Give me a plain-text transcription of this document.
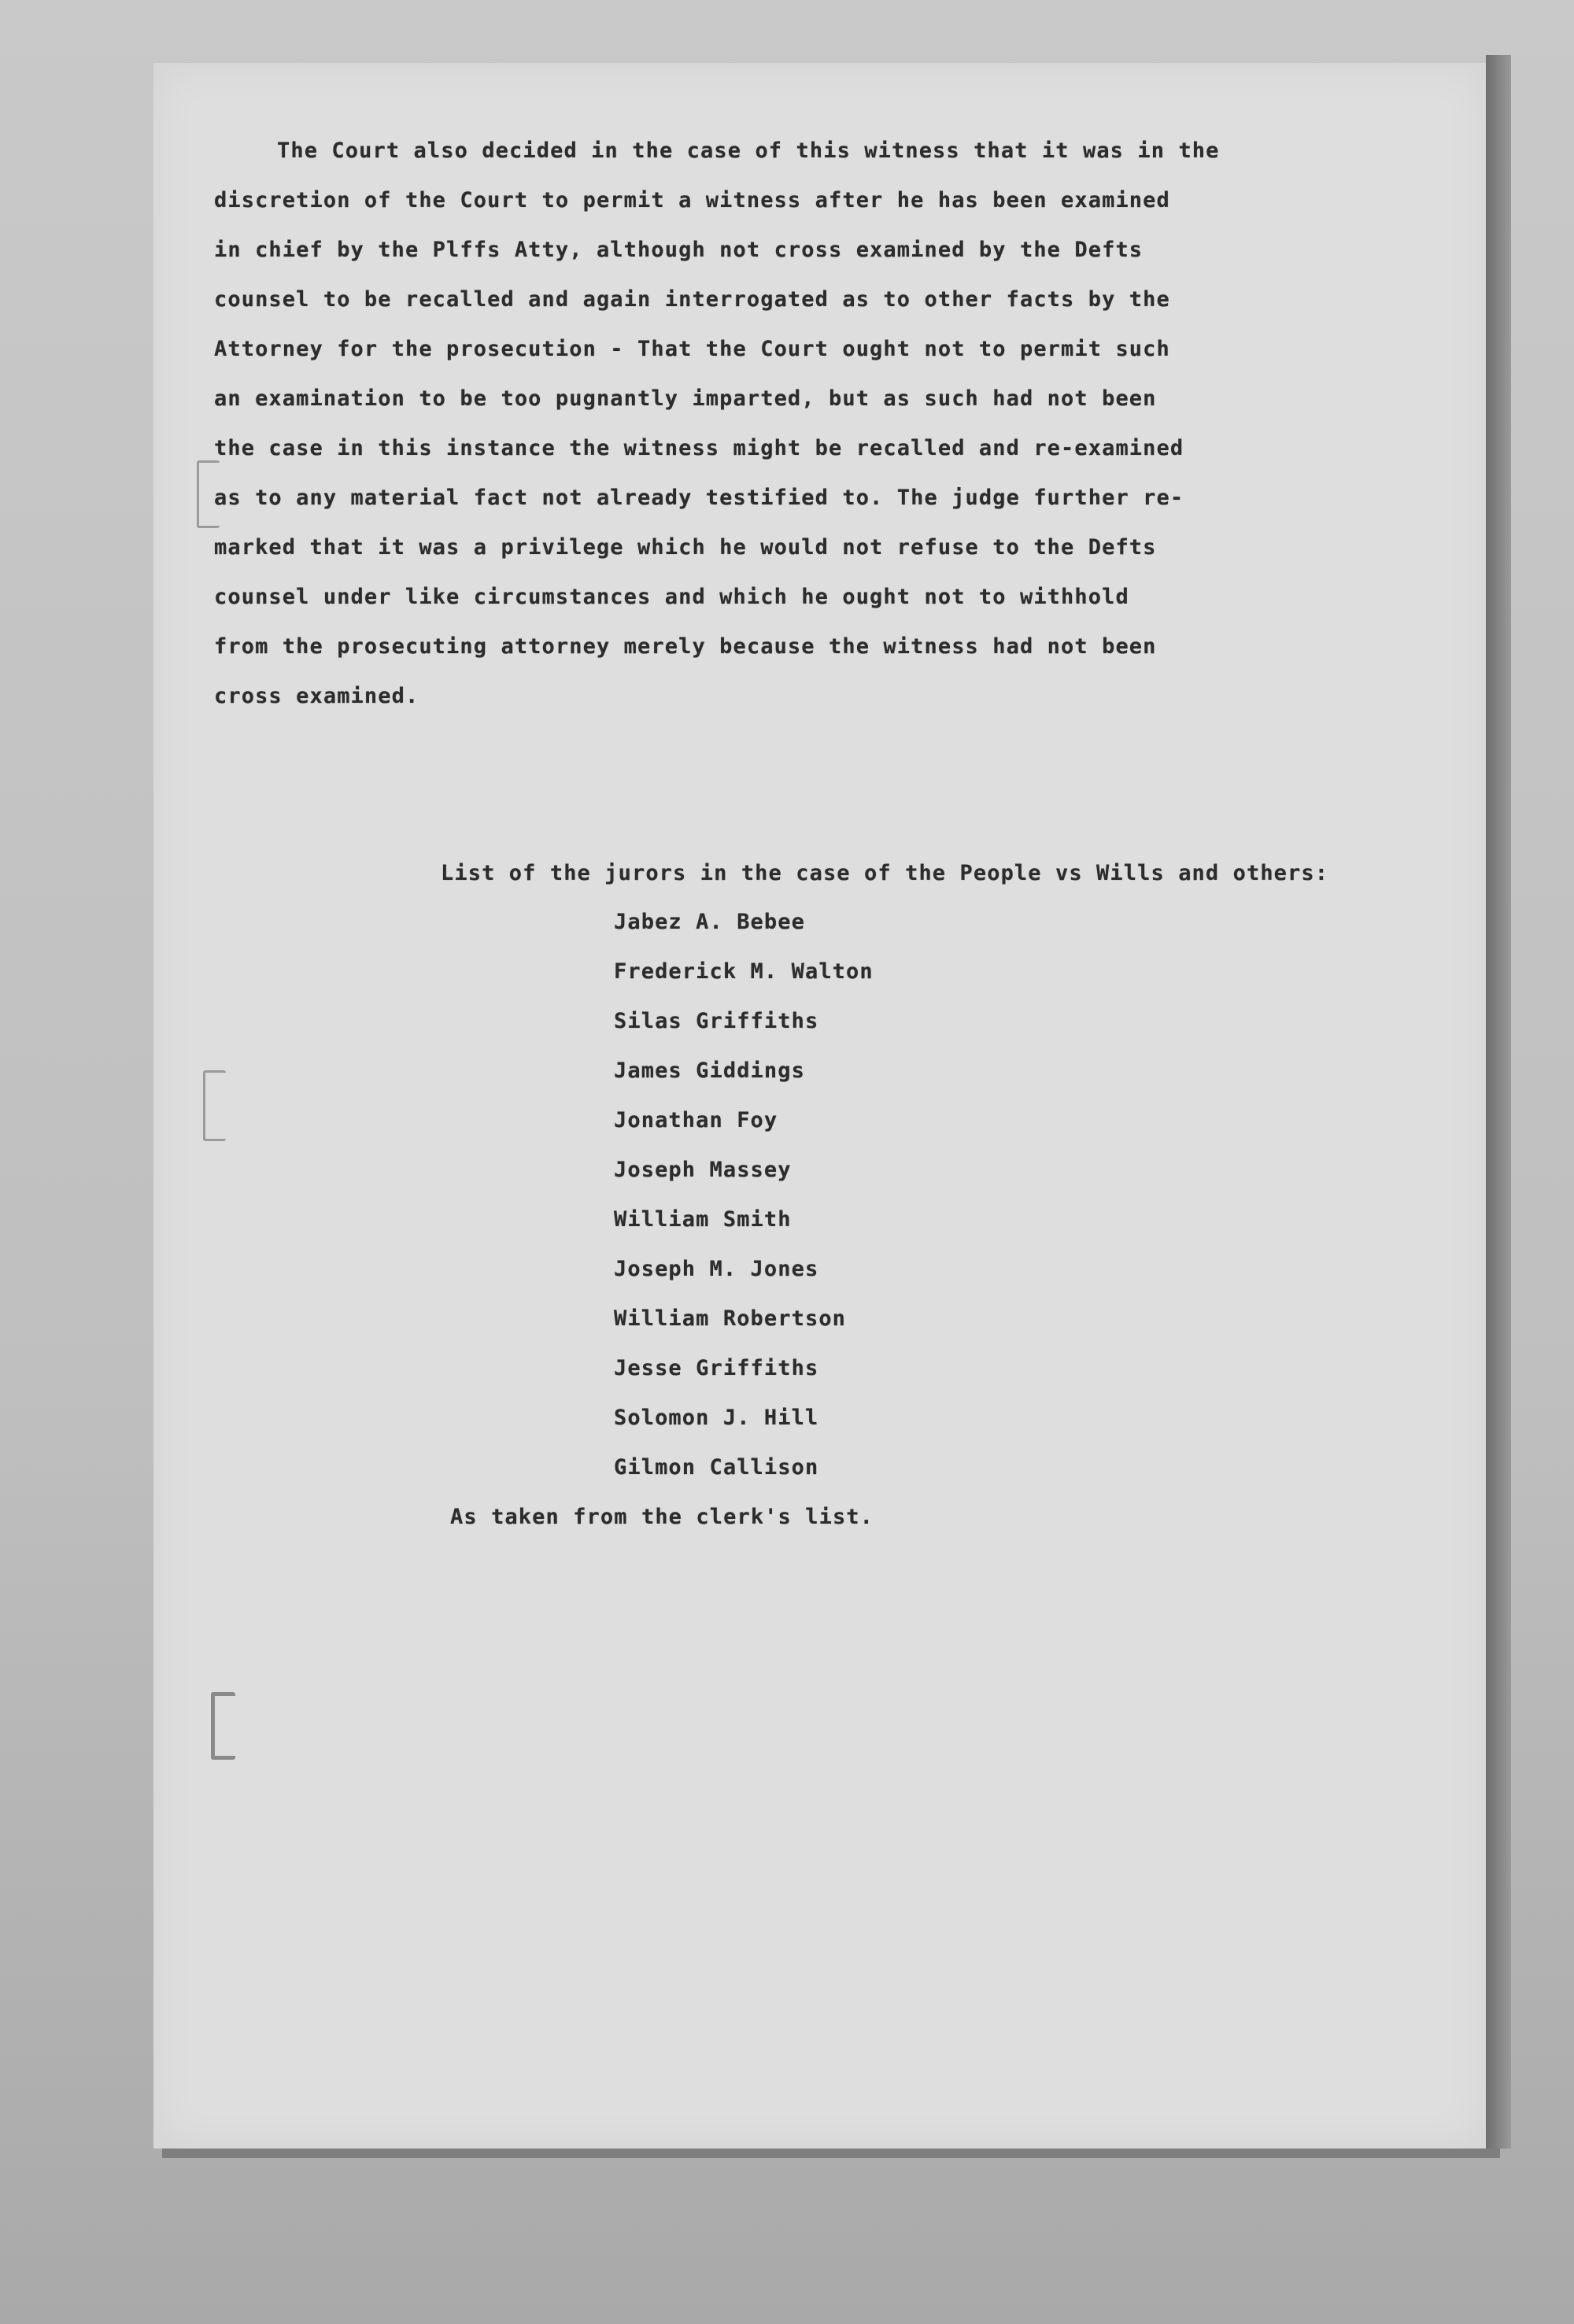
The Court also decided in the case of this witness that it was in the
discretion of the Court to permit a witness after he has been examined
in chief by the Plffs Atty, although not cross examined by the Defts
counsel to be recalled and again interrogated as to other facts by the
Attorney for the prosecution - That the Court ought not to permit such
an examination to be too pugnantly imparted, but as such had not been
the case in this instance the witness might be recalled and re-examined
as to any material fact not already testified to. The judge further re-
marked that it was a privilege which he would not refuse to the Defts
counsel under like circumstances and which he ought not to withhold
from the prosecuting attorney merely because the witness had not been
cross examined.
List of the jurors in the case of the People vs Wills and others:
Jabez A. Bebee
Frederick M. Walton
Silas Griffiths
James Giddings
Jonathan Foy
Joseph Massey
William Smith
Joseph M. Jones
William Robertson
Jesse Griffiths
Solomon J. Hill
Gilmon Callison
As taken from the clerk's list.
